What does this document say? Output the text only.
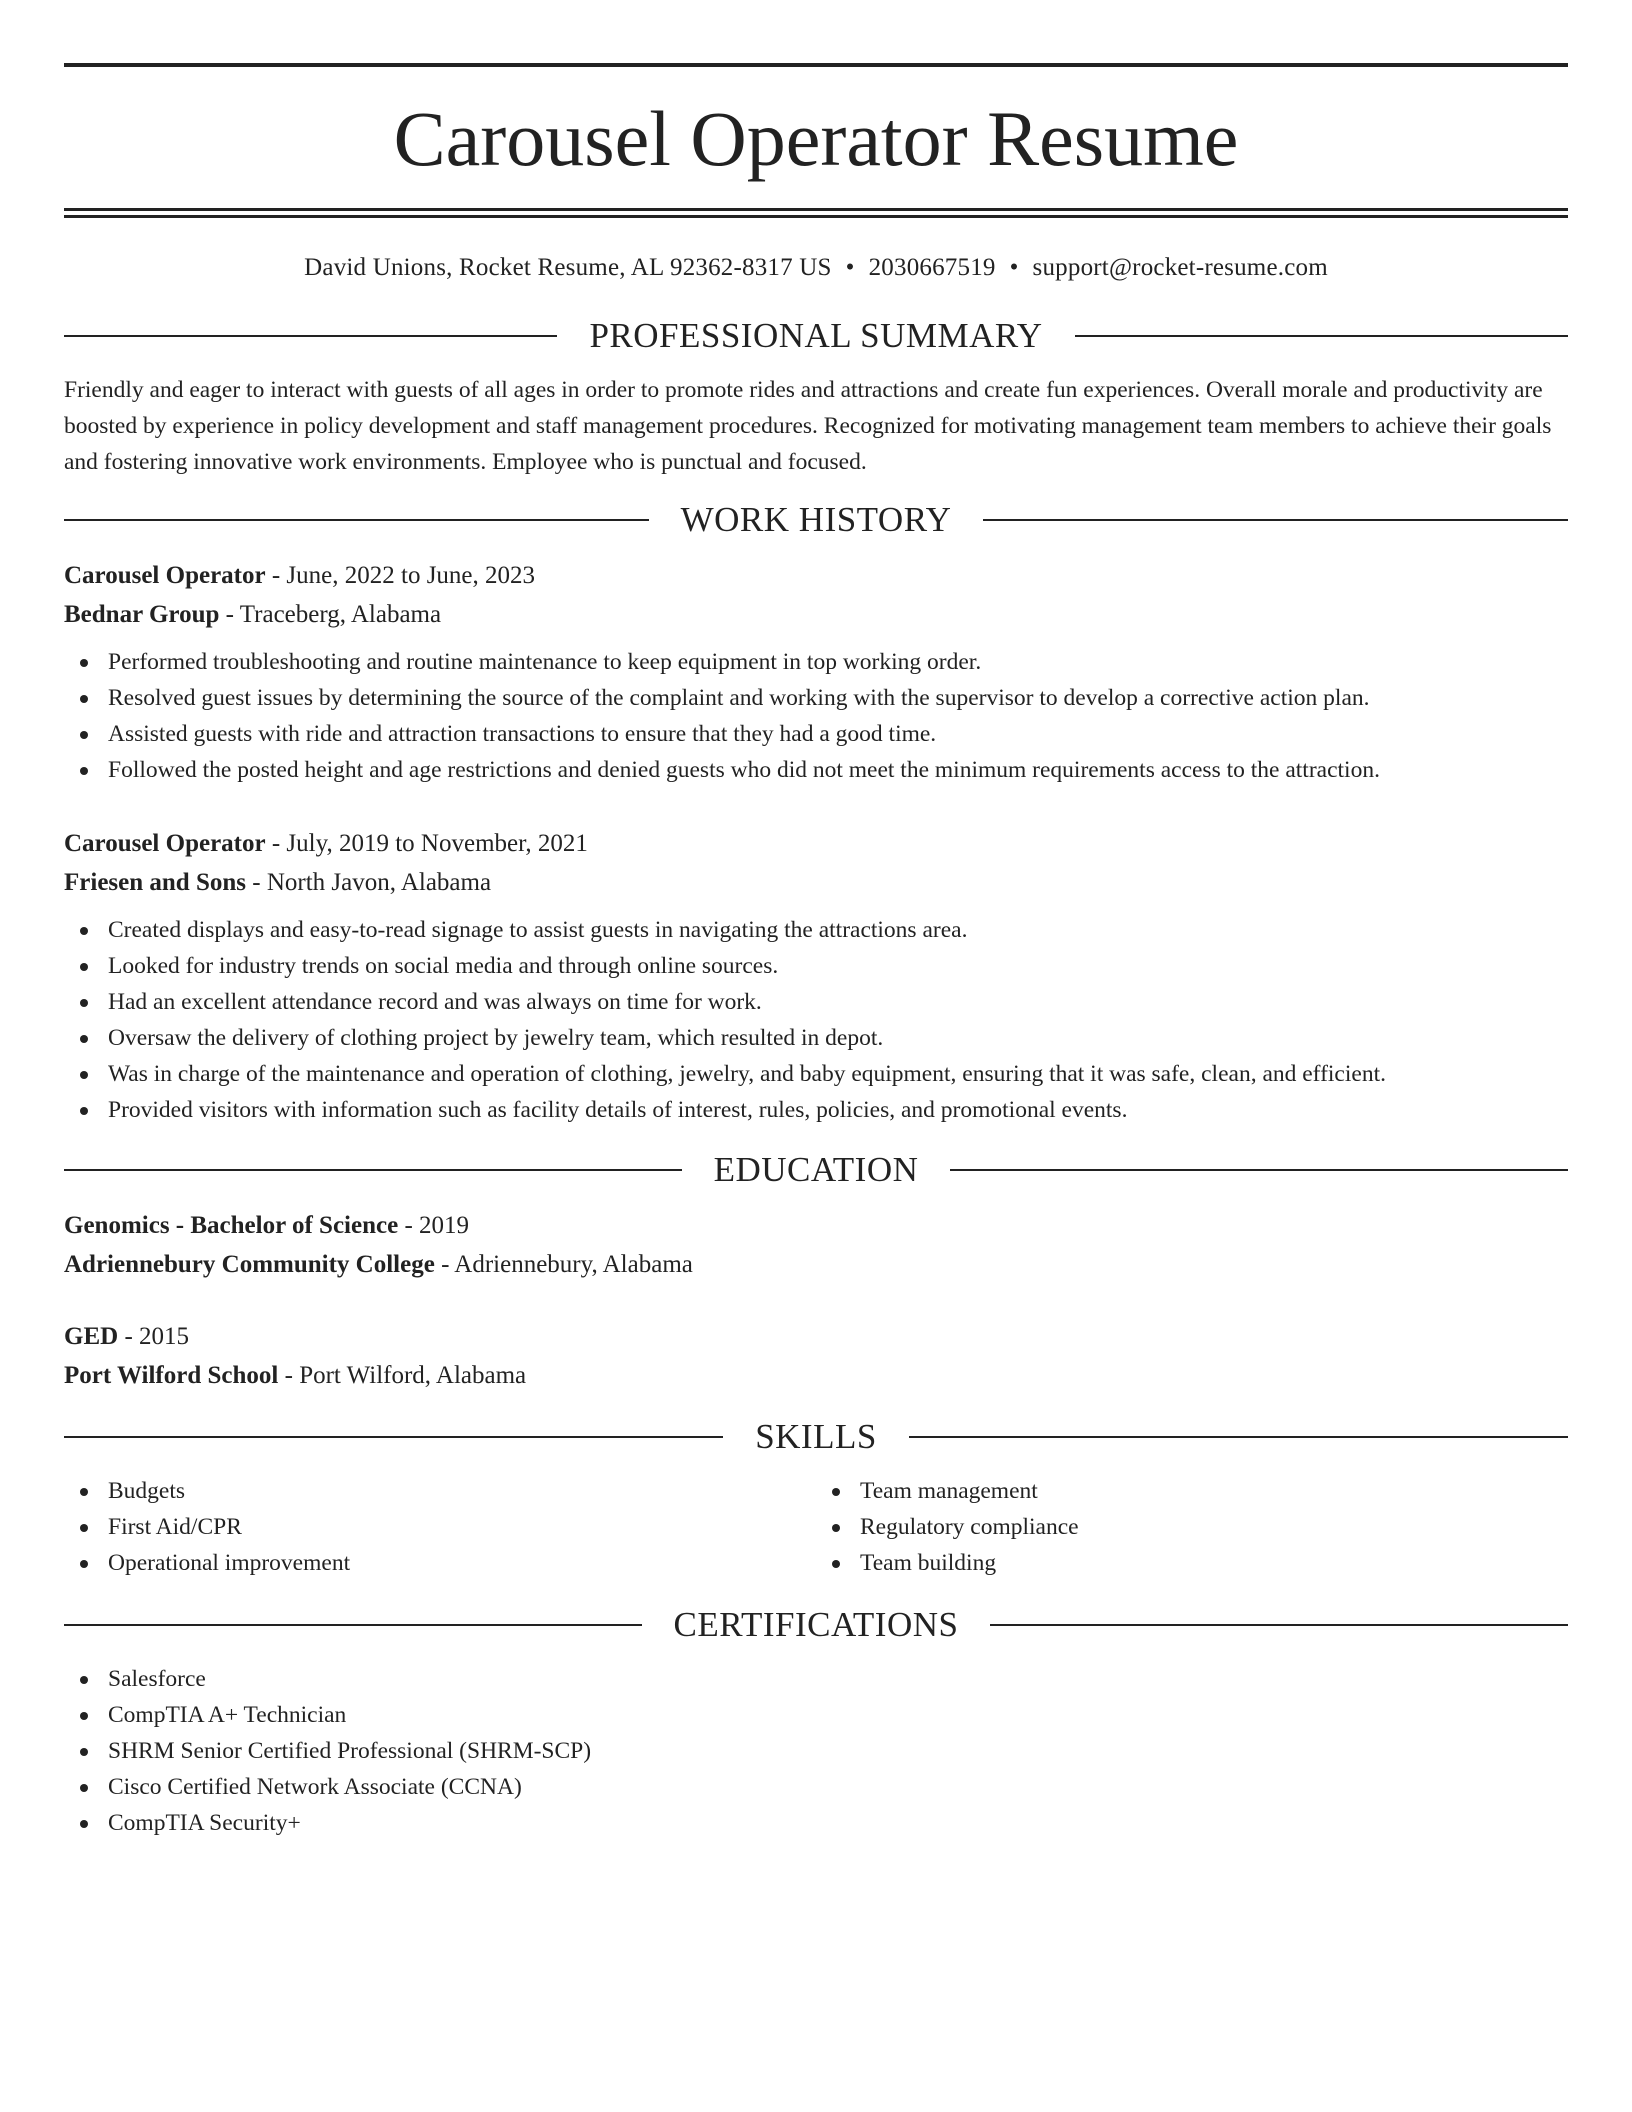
Carousel Operator Resume
David Unions, Rocket Resume, AL 92362-8317 US • 2030667519 • support@rocket-resume.com
PROFESSIONAL SUMMARY
Friendly and eager to interact with guests of all ages in order to promote rides and attractions and create fun experiences. Overall morale and productivity are boosted by experience in policy development and staff management procedures. Recognized for motivating management team members to achieve their goals and fostering innovative work environments. Employee who is punctual and focused.
WORK HISTORY
Carousel Operator - June, 2022 to June, 2023
Bednar Group - Traceberg, Alabama
Performed troubleshooting and routine maintenance to keep equipment in top working order.
Resolved guest issues by determining the source of the complaint and working with the supervisor to develop a corrective action plan.
Assisted guests with ride and attraction transactions to ensure that they had a good time.
Followed the posted height and age restrictions and denied guests who did not meet the minimum requirements access to the attraction.
Carousel Operator - July, 2019 to November, 2021
Friesen and Sons - North Javon, Alabama
Created displays and easy-to-read signage to assist guests in navigating the attractions area.
Looked for industry trends on social media and through online sources.
Had an excellent attendance record and was always on time for work.
Oversaw the delivery of clothing project by jewelry team, which resulted in depot.
Was in charge of the maintenance and operation of clothing, jewelry, and baby equipment, ensuring that it was safe, clean, and efficient.
Provided visitors with information such as facility details of interest, rules, policies, and promotional events.
EDUCATION
Genomics - Bachelor of Science - 2019
Adriennebury Community College - Adriennebury, Alabama
GED - 2015
Port Wilford School - Port Wilford, Alabama
SKILLS
Budgets
First Aid/CPR
Operational improvement
Team management
Regulatory compliance
Team building
CERTIFICATIONS
Salesforce
CompTIA A+ Technician
SHRM Senior Certified Professional (SHRM-SCP)
Cisco Certified Network Associate (CCNA)
CompTIA Security+
